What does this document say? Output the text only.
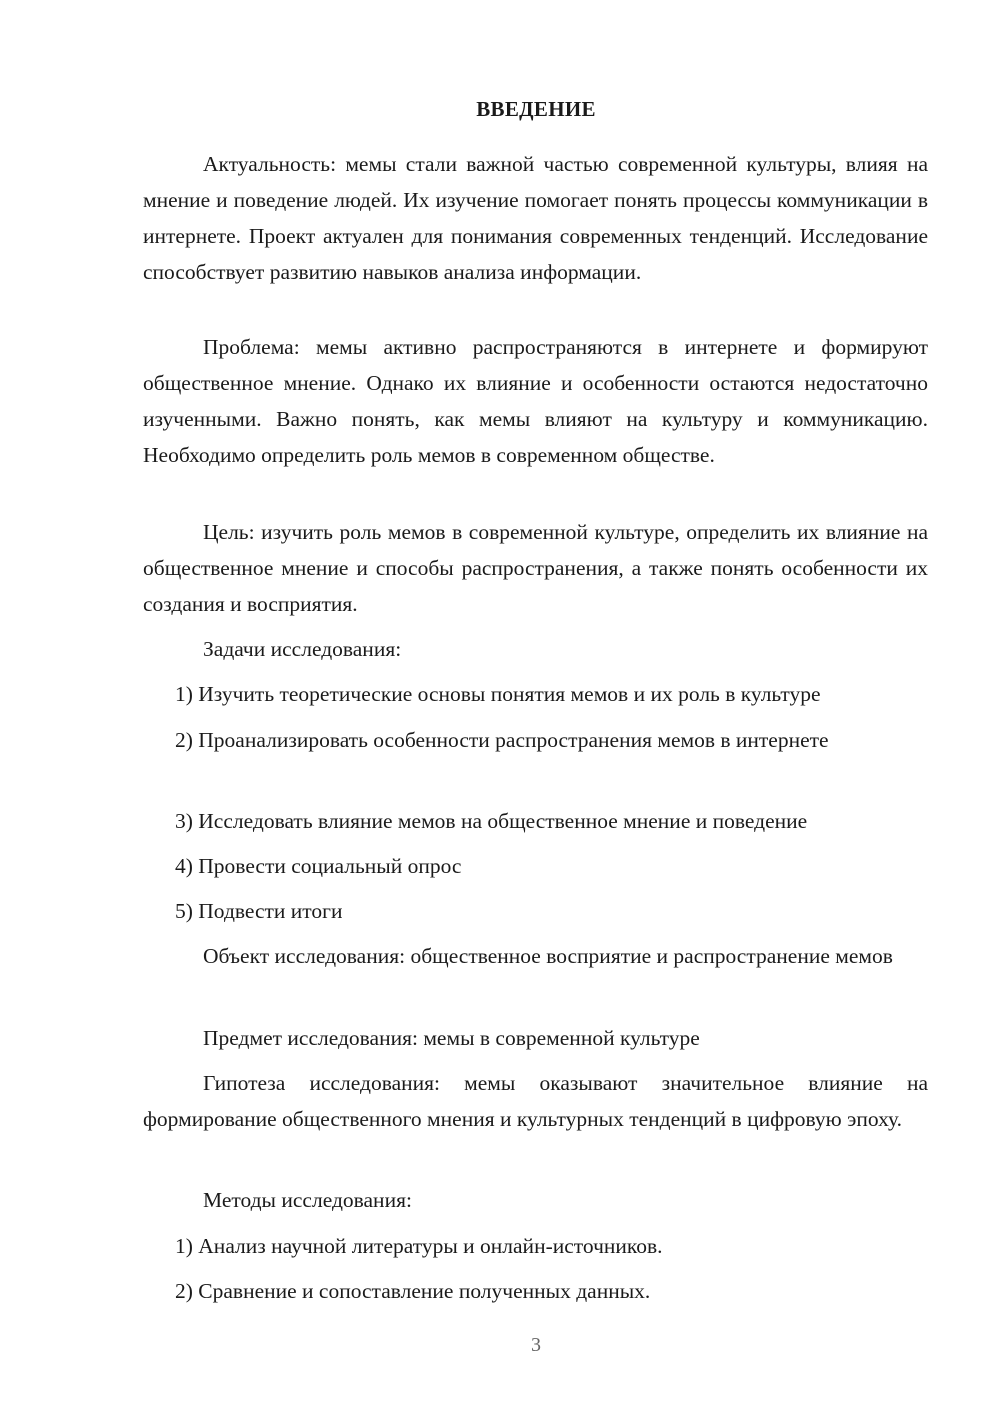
ВВЕДЕНИЕ

Актуальность: мемы стали важной частью современной культуры, влияя на мнение и поведение людей. Их изучение помогает понять процессы коммуникации в интернете. Проект актуален для понимания современных тенденций. Исследование способствует развитию навыков анализа информации.

Проблема: мемы активно распространяются в интернете и формируют общественное мнение. Однако их влияние и особенности остаются недостаточно изученными. Важно понять, как мемы влияют на культуру и коммуникацию. Необходимо определить роль мемов в современном обществе.

Цель: изучить роль мемов в современной культуре, определить их влияние на общественное мнение и способы распространения, а также понять особенности их создания и восприятия.

Задачи исследования:

1) Изучить теоретические основы понятия мемов и их роль в культуре

2) Проанализировать особенности распространения мемов в интернете

3) Исследовать влияние мемов на общественное мнение и поведение

4) Провести социальный опрос

5) Подвести итоги

Объект исследования: общественное восприятие и распространение мемов

Предмет исследования: мемы в современной культуре

Гипотеза исследования: мемы оказывают значительное влияние на формирование общественного мнения и культурных тенденций в цифровую эпоху.

Методы исследования:

1) Анализ научной литературы и онлайн-источников.

2) Сравнение и сопоставление полученных данных.

3
